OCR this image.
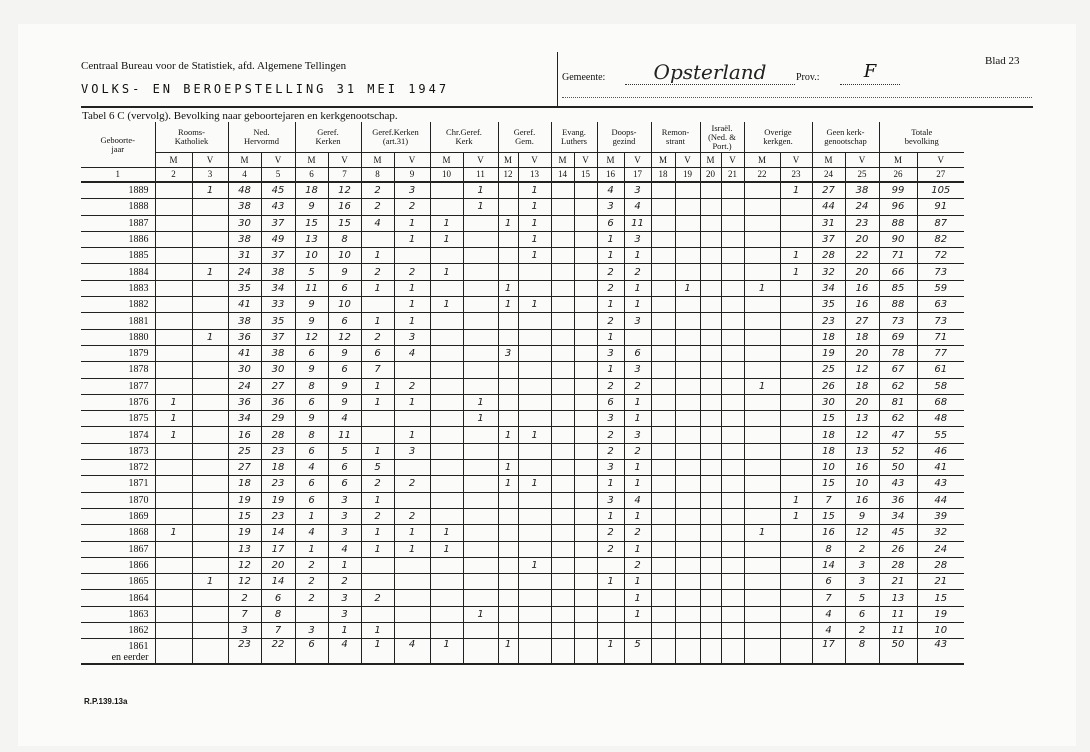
Centraal Bureau voor de Statistiek, afd. Algemene Tellingen
VOLKS- EN BEROEPSTELLING 31 MEI 1947
Gemeente:	Opsterland	Prov.:	F	Blad 23
Tabel 6 C (vervolg). Bevolking naar geboortejaren en kerkgenootschap.
Geboorte-
jaar	Rooms-
Katholiek		Ned.
Hervormd		Geref.
Kerken		Geref.Kerken
(art.31)		Chr.Geref.
Kerk		Geref.
Gem.		Evang.
Luthers		Doops-
gezind		Remon-
strant		Israël.
(Ned. &
Port.)		Overige
kerkgen.		Geen kerk-
genootschap		Totale
bevolking	
	M	V	M	V	M	V	M	V	M	V	M	V	M	V	M	V	M	V	M	V	M	V	M	V	M	V
1	2	3	4	5	6	7	8	9	10	11	12	13	14	15	16	17	18	19	20	21	22	23	24	25	26	27
1889		1	48	45	18	12	2	3		1		1			4	3						1	27	38	99	105
1888			38	43	9	16	2	2		1		1			3	4							44	24	96	91
1887			30	37	15	15	4	1	1		1	1			6	11							31	23	88	87
1886			38	49	13	8		1	1			1			1	3							37	20	90	82
1885			31	37	10	10	1					1			1	1						1	28	22	71	72
1884		1	24	38	5	9	2	2	1						2	2						1	32	20	66	73
1883			35	34	11	6	1	1			1				2	1		1			1		34	16	85	59
1882			41	33	9	10		1	1		1	1			1	1							35	16	88	63
1881			38	35	9	6	1	1							2	3							23	27	73	73
1880		1	36	37	12	12	2	3							1								18	18	69	71
1879			41	38	6	9	6	4			3				3	6							19	20	78	77
1878			30	30	9	6	7								1	3							25	12	67	61
1877			24	27	8	9	1	2							2	2					1		26	18	62	58
1876	1		36	36	6	9	1	1		1					6	1							30	20	81	68
1875	1		34	29	9	4				1					3	1							15	13	62	48
1874	1		16	28	8	11		1			1	1			2	3							18	12	47	55
1873			25	23	6	5	1	3							2	2							18	13	52	46
1872			27	18	4	6	5				1				3	1							10	16	50	41
1871			18	23	6	6	2	2			1	1			1	1							15	10	43	43
1870			19	19	6	3	1								3	4						1	7	16	36	44
1869			15	23	1	3	2	2							1	1						1	15	9	34	39
1868	1		19	14	4	3	1	1	1						2	2					1		16	12	45	32
1867			13	17	1	4	1	1	1						2	1							8	2	26	24
1866			12	20	2	1						1				2							14	3	28	28
1865		1	12	14	2	2									1	1							6	3	21	21
1864			2	6	2	3	2									1							7	5	13	15
1863			7	8		3				1						1							4	6	11	19
1862			3	7	3	1	1																4	2	11	10
1861
en eerder			23	22	6	4	1	4	1		1				1	5							17	8	50	43
R.P.139.13a
